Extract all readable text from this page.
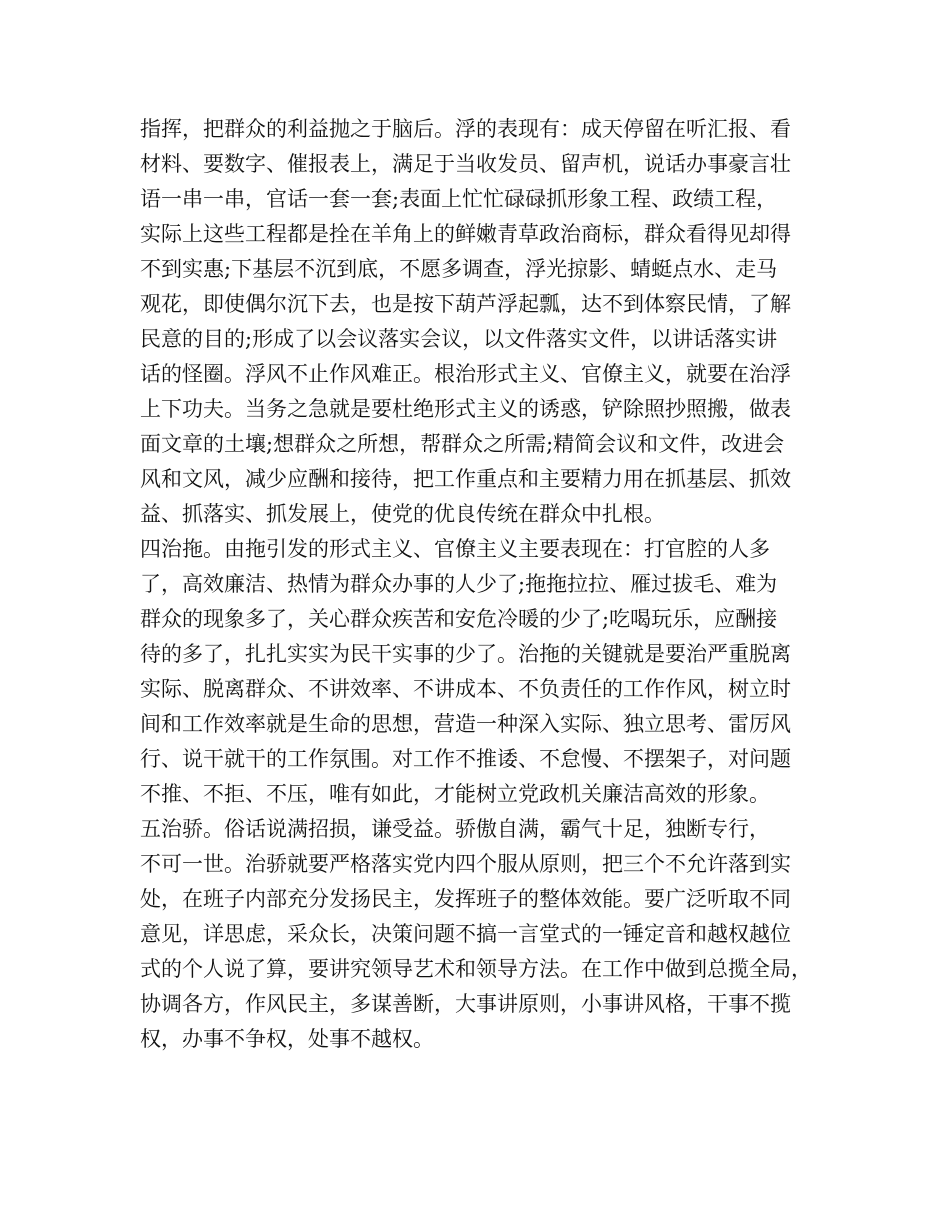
指挥，把群众的利益抛之于脑后。浮的表现有：成天停留在听汇报、看
材料、要数字、催报表上，满足于当收发员、留声机，说话办事豪言壮
语一串一串，官话一套一套;表面上忙忙碌碌抓形象工程、政绩工程，
实际上这些工程都是拴在羊角上的鲜嫩青草政治商标，群众看得见却得
不到实惠;下基层不沉到底，不愿多调查，浮光掠影、蜻蜓点水、走马
观花，即使偶尔沉下去，也是按下葫芦浮起瓢，达不到体察民情，了解
民意的目的;形成了以会议落实会议，以文件落实文件，以讲话落实讲
话的怪圈。浮风不止作风难正。根治形式主义、官僚主义，就要在治浮
上下功夫。当务之急就是要杜绝形式主义的诱惑，铲除照抄照搬，做表
面文章的土壤;想群众之所想，帮群众之所需;精简会议和文件，改进会
风和文风，减少应酬和接待，把工作重点和主要精力用在抓基层、抓效
益、抓落实、抓发展上，使党的优良传统在群众中扎根。
四治拖。由拖引发的形式主义、官僚主义主要表现在：打官腔的人多
了，高效廉洁、热情为群众办事的人少了;拖拖拉拉、雁过拔毛、难为
群众的现象多了，关心群众疾苦和安危冷暖的少了;吃喝玩乐，应酬接
待的多了，扎扎实实为民干实事的少了。治拖的关键就是要治严重脱离
实际、脱离群众、不讲效率、不讲成本、不负责任的工作作风，树立时
间和工作效率就是生命的思想，营造一种深入实际、独立思考、雷厉风
行、说干就干的工作氛围。对工作不推诿、不怠慢、不摆架子，对问题
不推、不拒、不压，唯有如此，才能树立党政机关廉洁高效的形象。
五治骄。俗话说满招损，谦受益。骄傲自满，霸气十足，独断专行，
不可一世。治骄就要严格落实党内四个服从原则，把三个不允许落到实
处，在班子内部充分发扬民主，发挥班子的整体效能。要广泛听取不同
意见，详思虑，采众长，决策问题不搞一言堂式的一锤定音和越权越位
式的个人说了算，要讲究领导艺术和领导方法。在工作中做到总揽全局，
协调各方，作风民主，多谋善断，大事讲原则，小事讲风格，干事不揽
权，办事不争权，处事不越权。
